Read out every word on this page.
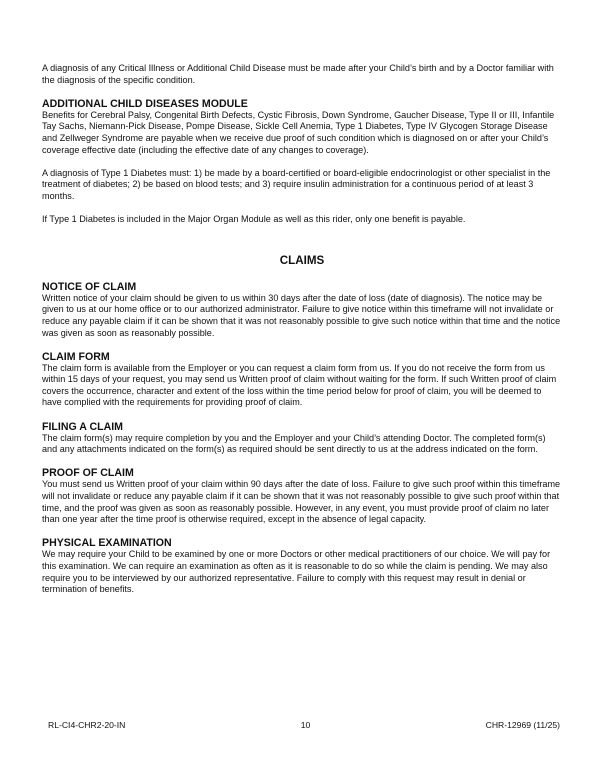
A diagnosis of any Critical Illness or Additional Child Disease must be made after your Child’s birth and by a Doctor familiar with the diagnosis of the specific condition.

ADDITIONAL CHILD DISEASES MODULE

Benefits for Cerebral Palsy, Congenital Birth Defects, Cystic Fibrosis, Down Syndrome, Gaucher Disease, Type II or III, Infantile Tay Sachs, Niemann-Pick Disease, Pompe Disease, Sickle Cell Anemia, Type 1 Diabetes, Type IV Glycogen Storage Disease and Zellweger Syndrome are payable when we receive due proof of such condition which is diagnosed on or after your Child’s coverage effective date (including the effective date of any changes to coverage).

A diagnosis of Type 1 Diabetes must: 1) be made by a board-certified or board-eligible endocrinologist or other specialist in the treatment of diabetes; 2) be based on blood tests; and 3) require insulin administration for a continuous period of at least 3 months.

If Type 1 Diabetes is included in the Major Organ Module as well as this rider, only one benefit is payable.

CLAIMS
NOTICE OF CLAIM

Written notice of your claim should be given to us within 30 days after the date of loss (date of diagnosis). The notice may be given to us at our home office or to our authorized administrator. Failure to give notice within this timeframe will not invalidate or reduce any payable claim if it can be shown that it was not reasonably possible to give such notice within that time and the notice was given as soon as reasonably possible.

CLAIM FORM

The claim form is available from the Employer or you can request a claim form from us. If you do not receive the form from us within 15 days of your request, you may send us Written proof of claim without waiting for the form. If such Written proof of claim covers the occurrence, character and extent of the loss within the time period below for proof of claim, you will be deemed to have complied with the requirements for providing proof of claim.

FILING A CLAIM

The claim form(s) may require completion by you and the Employer and your Child’s attending Doctor. The completed form(s) and any attachments indicated on the form(s) as required should be sent directly to us at the address indicated on the form.

PROOF OF CLAIM

You must send us Written proof of your claim within 90 days after the date of loss. Failure to give such proof within this timeframe will not invalidate or reduce any payable claim if it can be shown that it was not reasonably possible to give such proof within that time, and the proof was given as soon as reasonably possible. However, in any event, you must provide proof of claim no later than one year after the time proof is otherwise required, except in the absence of legal capacity.

PHYSICAL EXAMINATION

We may require your Child to be examined by one or more Doctors or other medical practitioners of our choice. We will pay for this examination. We can require an examination as often as it is reasonable to do so while the claim is pending. We may also require you to be interviewed by our authorized representative. Failure to comply with this request may result in denial or termination of benefits.

RL-CI4-CHR2-20-IN	10	CHR-12969 (11/25)
